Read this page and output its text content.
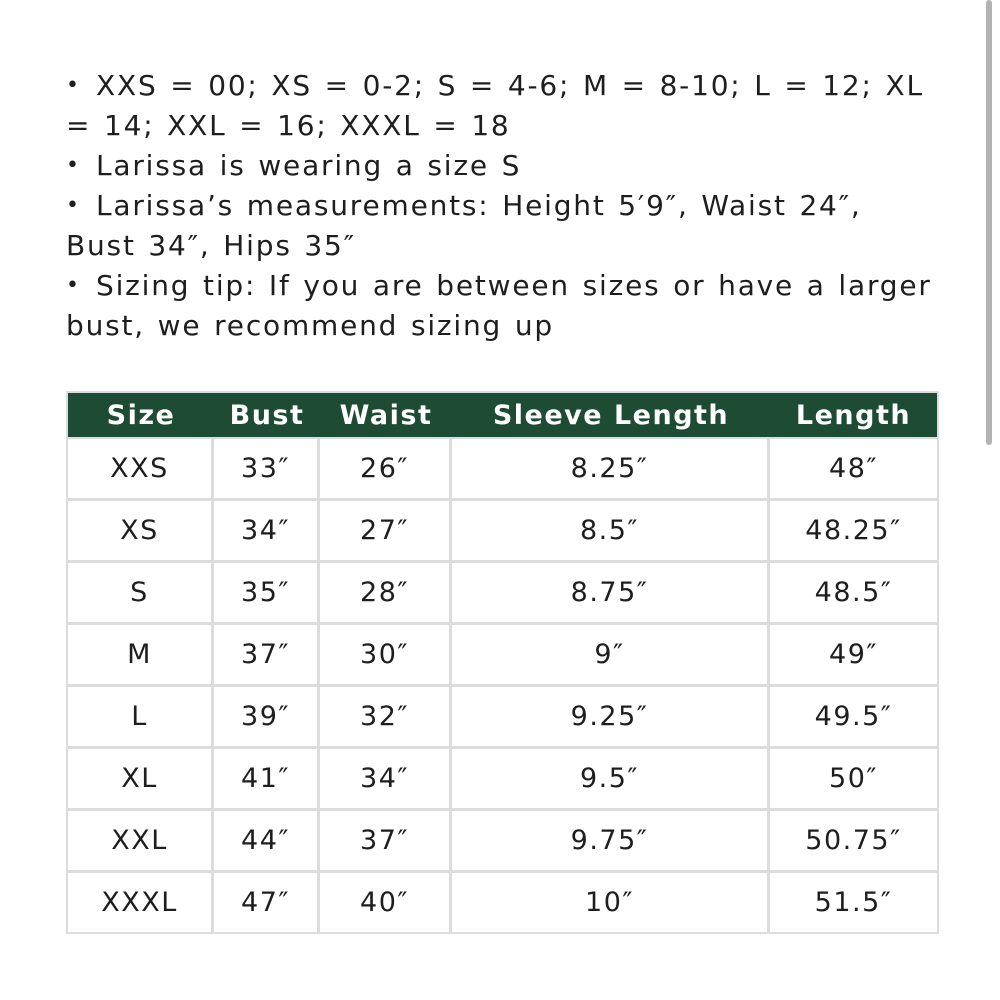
• XXS = 00; XS = 0-2; S = 4-6; M = 8-10; L = 12; XL = 14; XXL = 16; XXXL = 18

• Larissa is wearing a size S

• Larissa’s measurements: Height 5′9″, Waist 24″, Bust 34″, Hips 35″

• Sizing tip: If you are between sizes or have a larger bust, we recommend sizing up

Size	Bust	Waist	Sleeve Length	Length
XXS	33″	26″	8.25″	48″
XS	34″	27″	8.5″	48.25″
S	35″	28″	8.75″	48.5″
M	37″	30″	9″	49″
L	39″	32″	9.25″	49.5″
XL	41″	34″	9.5″	50″
XXL	44″	37″	9.75″	50.75″
XXXL	47″	40″	10″	51.5″
